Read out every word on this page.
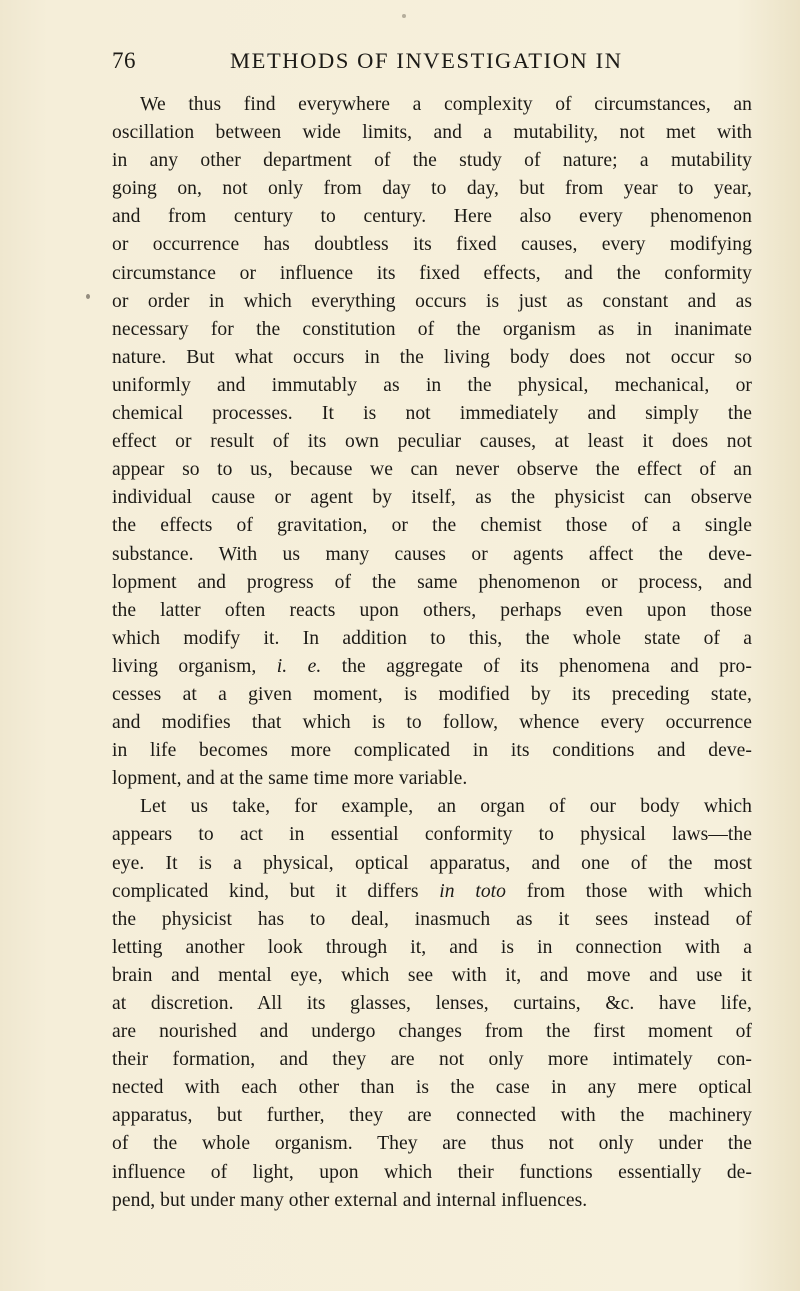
76	METHODS OF INVESTIGATION IN
We thus find everywhere a complexity of circumstances, an
oscillation between wide limits, and a mutability, not met with
in any other department of the study of nature; a mutability
going on, not only from day to day, but from year to year,
and from century to century. Here also every phenomenon
or occurrence has doubtless its fixed causes, every modifying
circumstance or influence its fixed effects, and the conformity
or order in which everything occurs is just as constant and as
necessary for the constitution of the organism as in inanimate
nature. But what occurs in the living body does not occur so
uniformly and immutably as in the physical, mechanical, or
chemical processes. It is not immediately and simply the
effect or result of its own peculiar causes, at least it does not
appear so to us, because we can never observe the effect of an
individual cause or agent by itself, as the physicist can observe
the effects of gravitation, or the chemist those of a single
substance. With us many causes or agents affect the deve-
lopment and progress of the same phenomenon or process, and
the latter often reacts upon others, perhaps even upon those
which modify it. In addition to this, the whole state of a
living organism, i. e. the aggregate of its phenomena and pro-
cesses at a given moment, is modified by its preceding state,
and modifies that which is to follow, whence every occurrence
in life becomes more complicated in its conditions and deve-
lopment, and at the same time more variable.
Let us take, for example, an organ of our body which
appears to act in essential conformity to physical laws—the
eye. It is a physical, optical apparatus, and one of the most
complicated kind, but it differs in toto from those with which
the physicist has to deal, inasmuch as it sees instead of
letting another look through it, and is in connection with a
brain and mental eye, which see with it, and move and use it
at discretion. All its glasses, lenses, curtains, &c. have life,
are nourished and undergo changes from the first moment of
their formation, and they are not only more intimately con-
nected with each other than is the case in any mere optical
apparatus, but further, they are connected with the machinery
of the whole organism. They are thus not only under the
influence of light, upon which their functions essentially de-
pend, but under many other external and internal influences.
